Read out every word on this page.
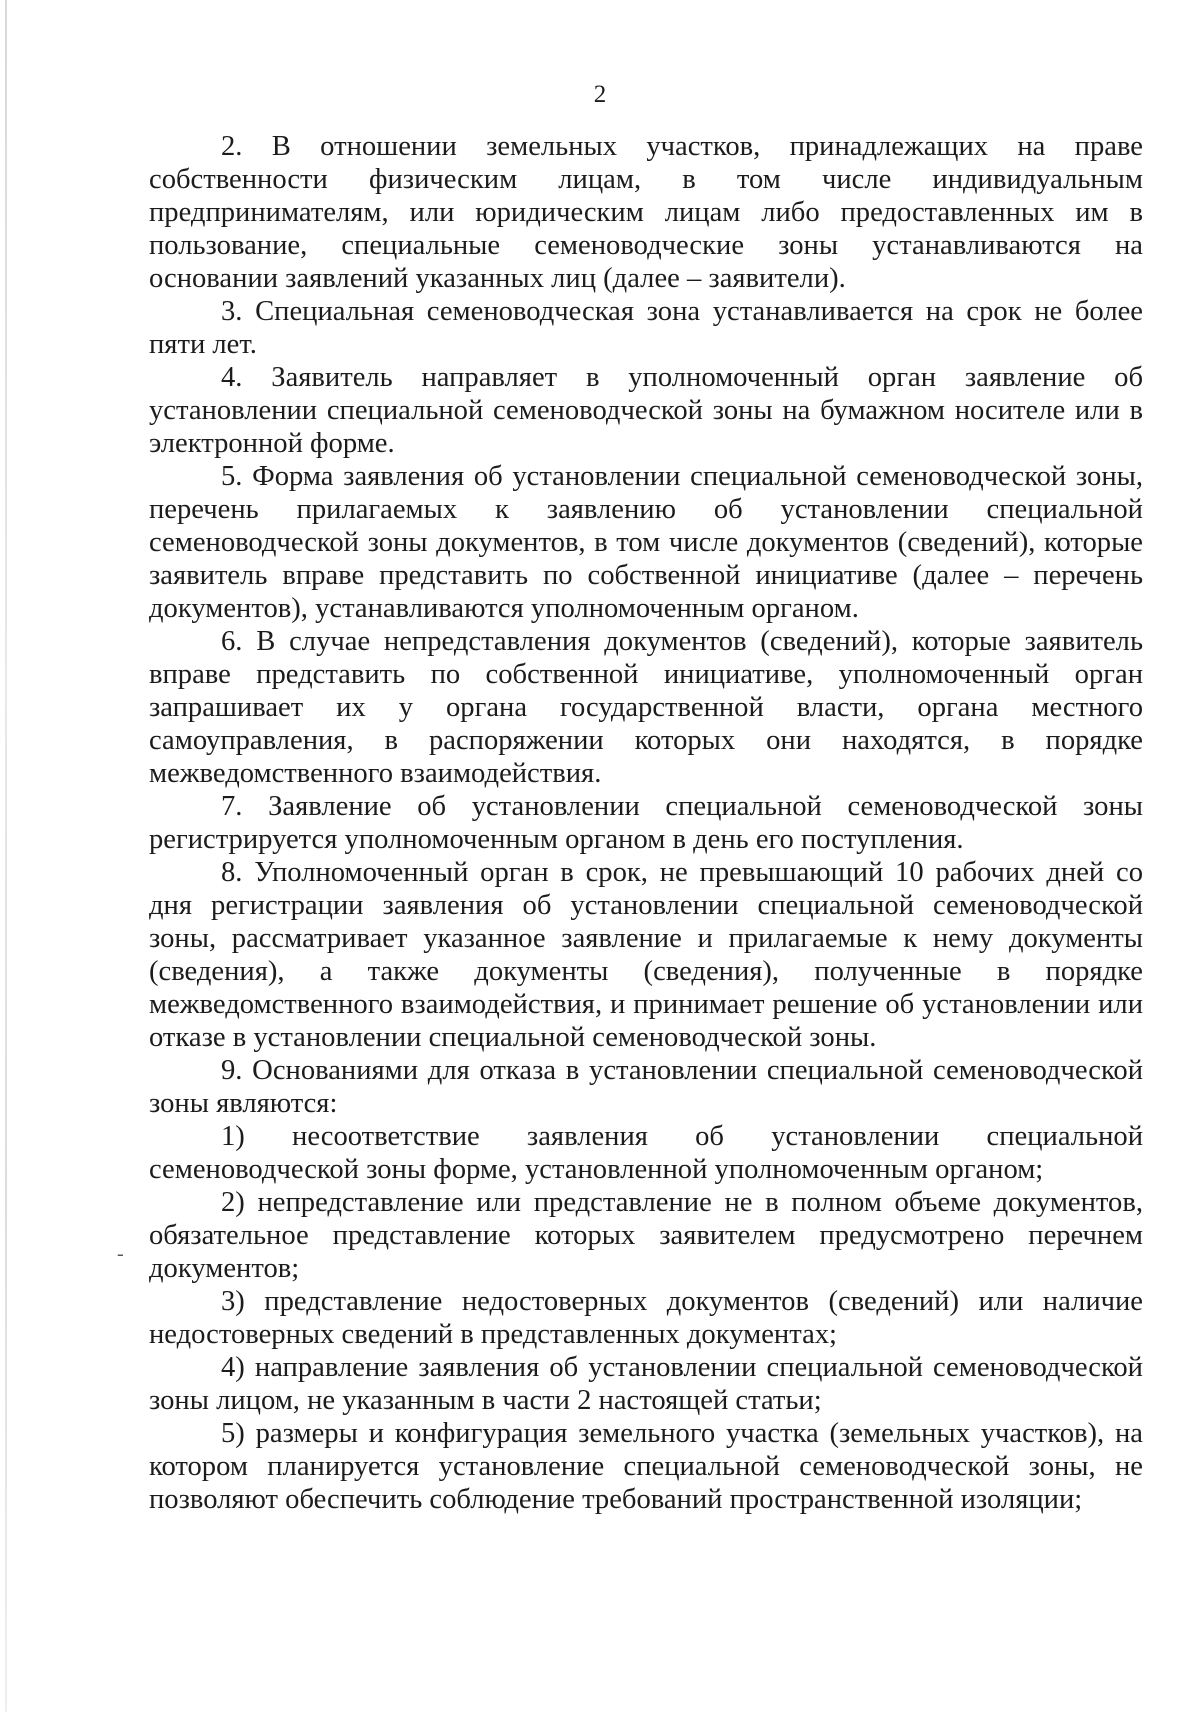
2

2. В отношении земельных участков, принадлежащих на праве собственности физическим лицам, в том числе индивидуальным предпринимателям, или юридическим лицам либо предоставленных им в пользование, специальные семеноводческие зоны устанавливаются на основании заявлений указанных лиц (далее – заявители).

3. Специальная семеноводческая зона устанавливается на срок не более пяти лет.

4. Заявитель направляет в уполномоченный орган заявление об установлении специальной семеноводческой зоны на бумажном носителе или в электронной форме.

5. Форма заявления об установлении специальной семеноводческой зоны, перечень прилагаемых к заявлению об установлении специальной семеноводческой зоны документов, в том числе документов (сведений), которые заявитель вправе представить по собственной инициативе (далее – перечень документов), устанавливаются уполномоченным органом.

6. В случае непредставления документов (сведений), которые заявитель вправе представить по собственной инициативе, уполномоченный орган запрашивает их у органа государственной власти, органа местного самоуправления, в распоряжении которых они находятся, в порядке межведомственного взаимодействия.

7. Заявление об установлении специальной семеноводческой зоны регистрируется уполномоченным органом в день его поступления.

8. Уполномоченный орган в срок, не превышающий 10 рабочих дней со дня регистрации заявления об установлении специальной семеноводческой зоны, рассматривает указанное заявление и прилагаемые к нему документы (сведения), а также документы (сведения), полученные в порядке межведомственного взаимодействия, и принимает решение об установлении или отказе в установлении специальной семеноводческой зоны.

9. Основаниями для отказа в установлении специальной семеноводческой зоны являются:

1) несоответствие заявления об установлении специальной семеноводческой зоны форме, установленной уполномоченным органом;

2) непредставление или представление не в полном объеме документов, обязательное представление которых заявителем предусмотрено перечнем документов;

3) представление недостоверных документов (сведений) или наличие недостоверных сведений в представленных документах;

4) направление заявления об установлении специальной семеноводческой зоны лицом, не указанным в части 2 настоящей статьи;

5) размеры и конфигурация земельного участка (земельных участков), на котором планируется установление специальной семеноводческой зоны, не позволяют обеспечить соблюдение требований пространственной изоляции;

-
